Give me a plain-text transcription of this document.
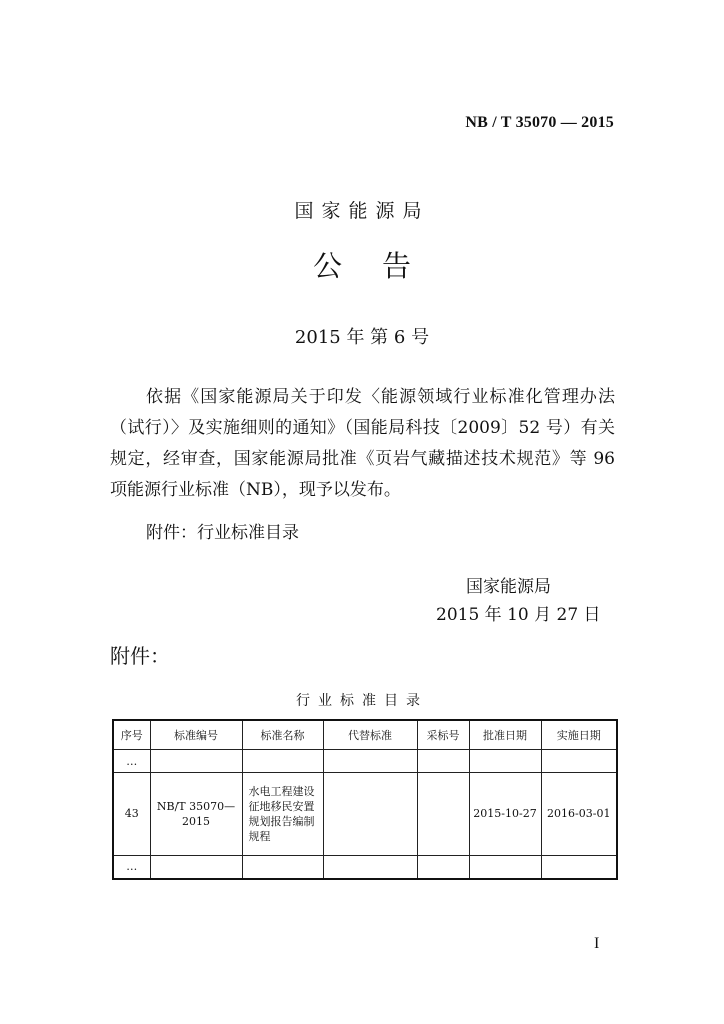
NB / T 35070 — 2015
国家能源局
公告
2015 年 第 6 号
依据《国家能源局关于印发〈能源领域行业标准化管理办法（试行）〉及实施细则的通知》（国能局科技〔2009〕52 号）有关规定，经审查，国家能源局批准《页岩气藏描述技术规范》等 96 项能源行业标准（NB），现予以发布。
附件：行业标准目录
国家能源局
2015 年 10 月 27 日
附件：
行业标准目录
序号	标准编号	标准名称	代替标准	采标号	批准日期	实施日期
…						
43	NB/T 35070—2015	水电工程建设征地移民安置规划报告编制规程			2015-10-27	2016-03-01
…						
I
